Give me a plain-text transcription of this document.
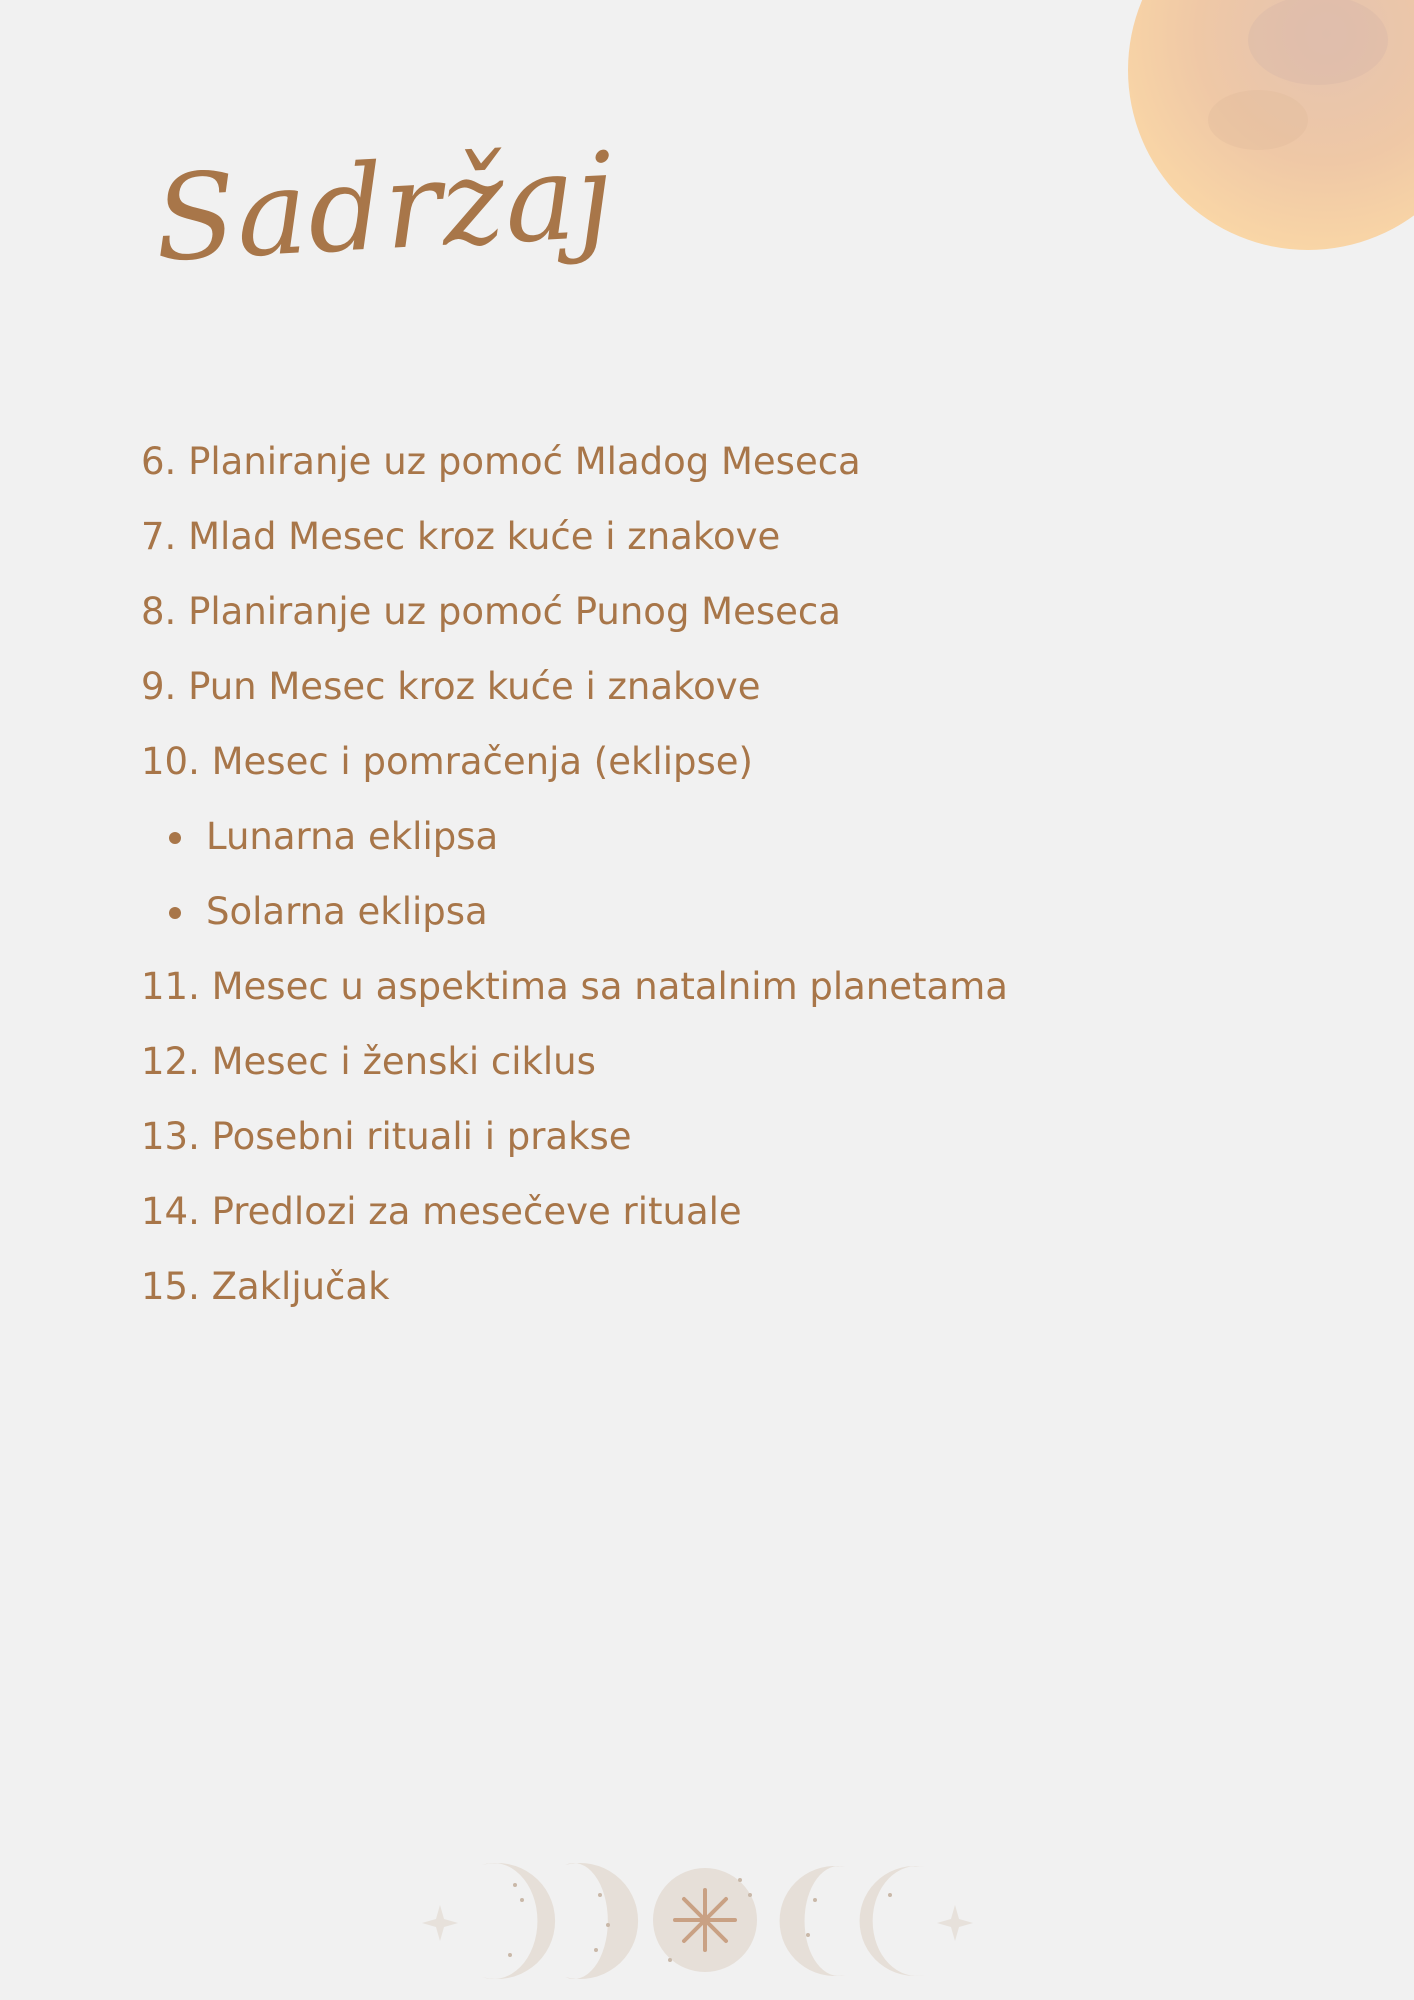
Sadržaj
6. Planiranje uz pomoć Mladog Meseca
7. Mlad Mesec kroz kuće i znakove
8. Planiranje uz pomoć Punog Meseca
9. Pun Mesec kroz kuće i znakove
10. Mesec i pomračenja (eklipse)
Lunarna eklipsa
Solarna eklipsa
11. Mesec u aspektima sa natalnim planetama
12. Mesec i ženski ciklus
13. Posebni rituali i prakse
14. Predlozi za mesečeve rituale
15. Zaključak
